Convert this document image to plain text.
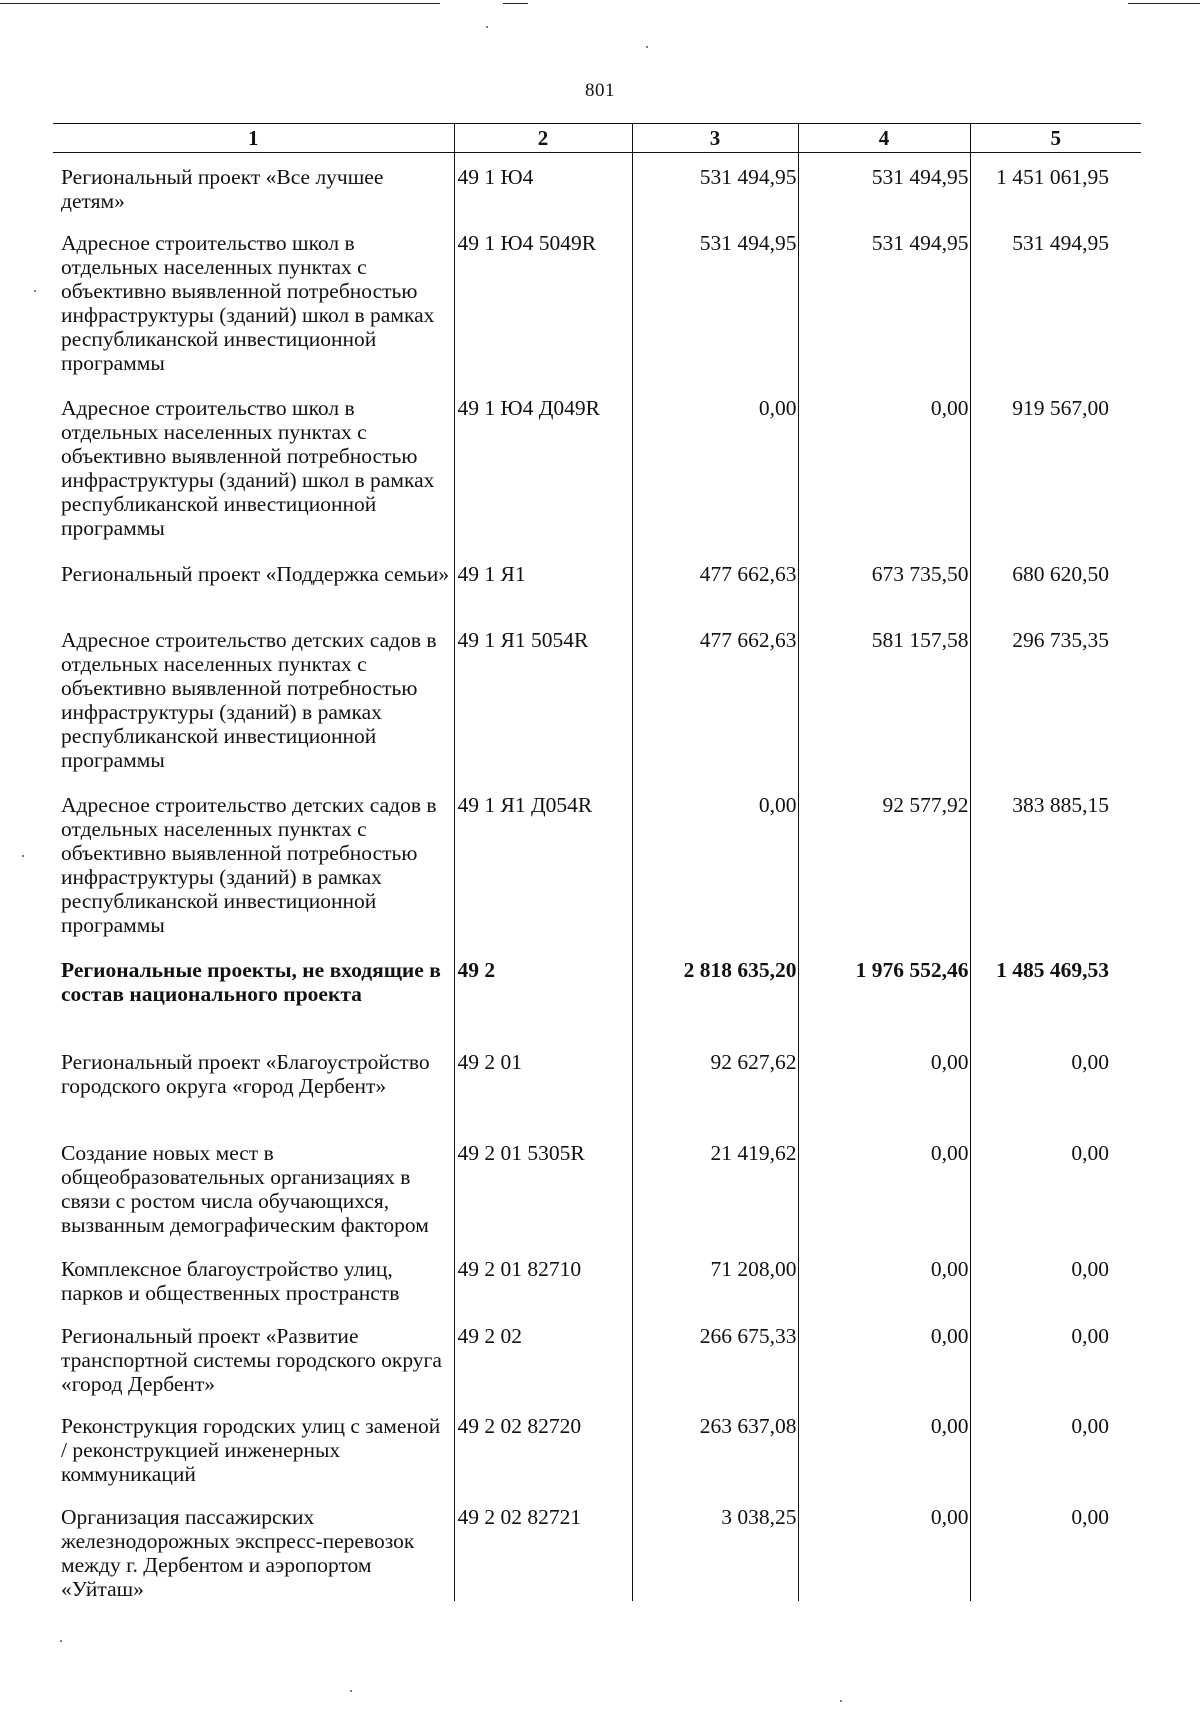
801
1	2	3	4	5

Региональный проект «Все лучшее детям»	49 1 Ю4	531 494,95	531 494,95	1 451 061,95

Адресное строительство школ в отдельных населенных пунктах с объективно выявленной потребностью инфраструктуры (зданий) школ в рамках республиканской инвестиционной программы	49 1 Ю4 5049R	531 494,95	531 494,95	531 494,95

Адресное строительство школ в отдельных населенных пунктах с объективно выявленной потребностью инфраструктуры (зданий) школ в рамках республиканской инвестиционной программы	49 1 Ю4 Д049R	0,00	0,00	919 567,00

Региональный проект «Поддержка семьи»	49 1 Я1	477 662,63	673 735,50	680 620,50

Адресное строительство детских садов в отдельных населенных пунктах с объективно выявленной потребностью инфраструктуры (зданий) в рамках республиканской инвестиционной программы	49 1 Я1 5054R	477 662,63	581 157,58	296 735,35

Адресное строительство детских садов в отдельных населенных пунктах с объективно выявленной потребностью инфраструктуры (зданий) в рамках республиканской инвестиционной программы	49 1 Я1 Д054R	0,00	92 577,92	383 885,15

Региональные проекты, не входящие в состав национального проекта	49 2	2 818 635,20	1 976 552,46	1 485 469,53

Региональный проект «Благоустройство городского округа «город Дербент»	49 2 01	92 627,62	0,00	0,00

Создание новых мест в общеобразовательных организациях в связи с ростом числа обучающихся, вызванным демографическим фактором	49 2 01 5305R	21 419,62	0,00	0,00

Комплексное благоустройство улиц, парков и общественных пространств	49 2 01 82710	71 208,00	0,00	0,00

Региональный проект «Развитие транспортной системы городского округа «город Дербент»	49 2 02	266 675,33	0,00	0,00

Реконструкция городских улиц с заменой / реконструкцией инженерных коммуникаций	49 2 02 82720	263 637,08	0,00	0,00

Организация пассажирских железнодорожных экспресс-перевозок между г. Дербентом и аэропортом «Уйташ»	49 2 02 82721	3 038,25	0,00	0,00
